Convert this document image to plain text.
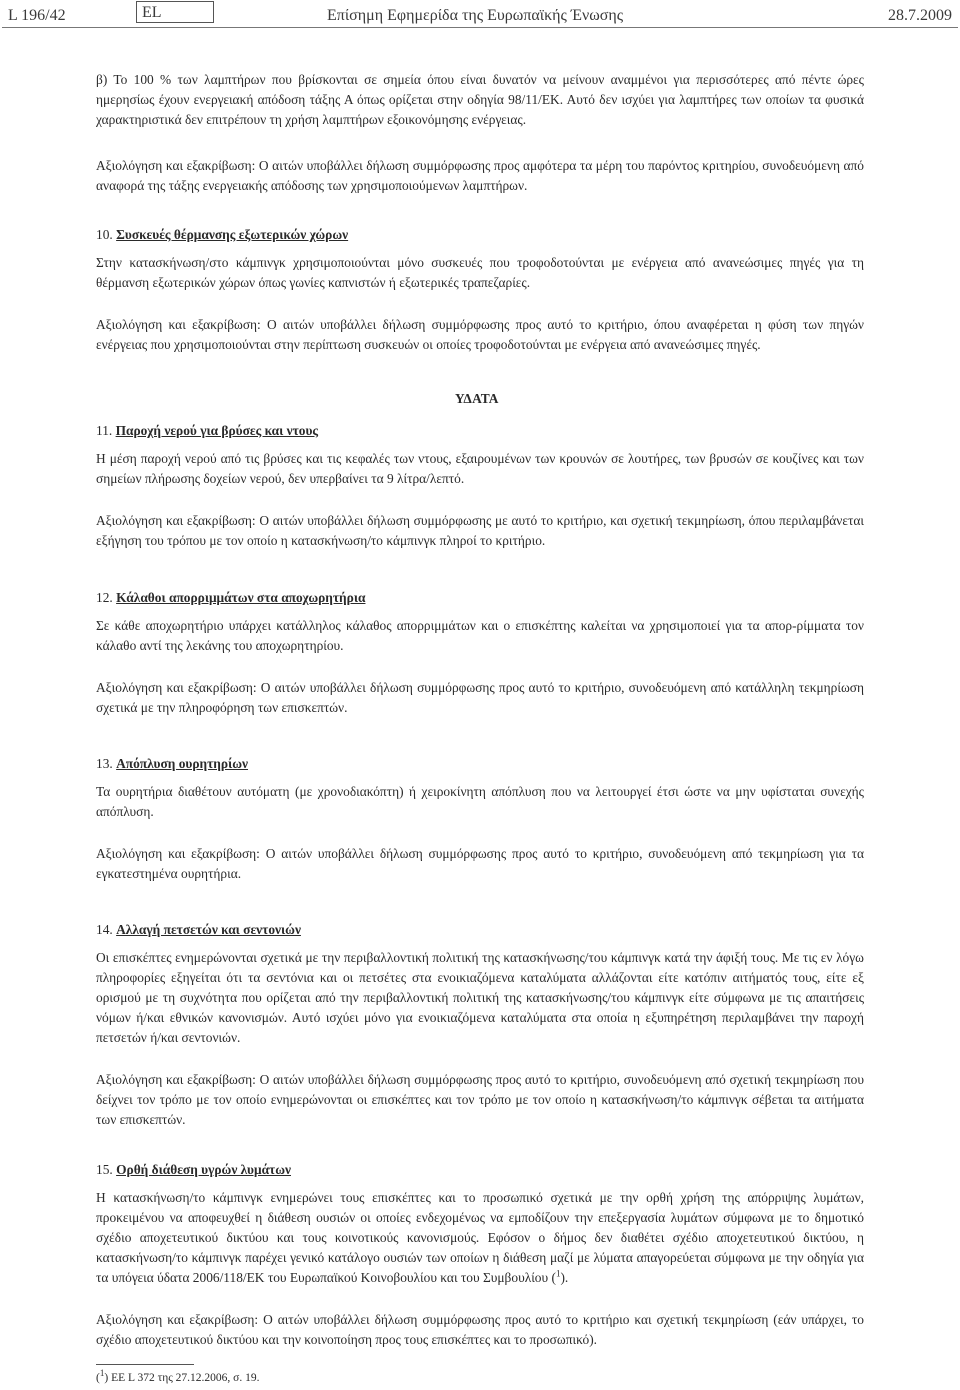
L 196/42	EL	Επίσημη Εφημερίδα της Ευρωπαϊκής Ένωσης	28.7.2009

β) Το 100 % των λαμπτήρων που βρίσκονται σε σημεία όπου είναι δυνατόν να μείνουν αναμμένοι για περισσότερες από πέντε ώρες ημερησίως έχουν ενεργειακή απόδοση τάξης Α όπως ορίζεται στην οδηγία 98/11/ΕΚ. Αυτό δεν ισχύει για λαμπτήρες των οποίων τα φυσικά χαρακτηριστικά δεν επιτρέπουν τη χρήση λαμπτήρων εξοικονόμησης ενέργειας.

Αξιολόγηση και εξακρίβωση: Ο αιτών υποβάλλει δήλωση συμμόρφωσης προς αμφότερα τα μέρη του παρόντος κριτηρίου, συνοδευόμενη από αναφορά της τάξης ενεργειακής απόδοσης των χρησιμοποιούμενων λαμπτήρων.

10. Συσκευές θέρμανσης εξωτερικών χώρων

Στην κατασκήνωση/στο κάμπινγκ χρησιμοποιούνται μόνο συσκευές που τροφοδοτούνται με ενέργεια από ανανεώσιμες πηγές για τη θέρμανση εξωτερικών χώρων όπως γωνίες καπνιστών ή εξωτερικές τραπεζαρίες.

Αξιολόγηση και εξακρίβωση: Ο αιτών υποβάλλει δήλωση συμμόρφωσης προς αυτό το κριτήριο, όπου αναφέρεται η φύση των πηγών ενέργειας που χρησιμοποιούνται στην περίπτωση συσκευών οι οποίες τροφοδοτούνται με ενέργεια από ανανεώσιμες πηγές.

ΥΔΑΤΑ
11. Παροχή νερού για βρύσες και ντους

Η μέση παροχή νερού από τις βρύσες και τις κεφαλές των ντους, εξαιρουμένων των κρουνών σε λουτήρες, των βρυσών σε κουζίνες και των σημείων πλήρωσης δοχείων νερού, δεν υπερβαίνει τα 9 λίτρα/λεπτό.

Αξιολόγηση και εξακρίβωση: Ο αιτών υποβάλλει δήλωση συμμόρφωσης με αυτό το κριτήριο, και σχετική τεκμηρίωση, όπου περιλαμβάνεται εξήγηση του τρόπου με τον οποίο η κατασκήνωση/το κάμπινγκ πληροί το κριτήριο.

12. Κάλαθοι απορριμμάτων στα αποχωρητήρια

Σε κάθε αποχωρητήριο υπάρχει κατάλληλος κάλαθος απορριμμάτων και ο επισκέπτης καλείται να χρησιμοποιεί για τα απορ-ρίμματα τον κάλαθο αντί της λεκάνης του αποχωρητηρίου.

Αξιολόγηση και εξακρίβωση: Ο αιτών υποβάλλει δήλωση συμμόρφωσης προς αυτό το κριτήριο, συνοδευόμενη από κατάλληλη τεκμηρίωση σχετικά με την πληροφόρηση των επισκεπτών.

13. Απόπλυση ουρητηρίων

Τα ουρητήρια διαθέτουν αυτόματη (με χρονοδιακόπτη) ή χειροκίνητη απόπλυση που να λειτουργεί έτσι ώστε να μην υφίσταται συνεχής απόπλυση.

Αξιολόγηση και εξακρίβωση: Ο αιτών υποβάλλει δήλωση συμμόρφωσης προς αυτό το κριτήριο, συνοδευόμενη από τεκμηρίωση για τα εγκατεστημένα ουρητήρια.

14. Αλλαγή πετσετών και σεντονιών

Οι επισκέπτες ενημερώνονται σχετικά με την περιβαλλοντική πολιτική της κατασκήνωσης/του κάμπινγκ κατά την άφιξή τους. Με τις εν λόγω πληροφορίες εξηγείται ότι τα σεντόνια και οι πετσέτες στα ενοικιαζόμενα καταλύματα αλλάζονται είτε κατόπιν αιτήματός τους, είτε εξ ορισμού με τη συχνότητα που ορίζεται από την περιβαλλοντική πολιτική της κατασκήνωσης/του κάμπινγκ είτε σύμφωνα με τις απαιτήσεις νόμων ή/και εθνικών κανονισμών. Αυτό ισχύει μόνο για ενοικιαζόμενα καταλύματα στα οποία η εξυπηρέτηση περιλαμβάνει την παροχή πετσετών ή/και σεντονιών.

Αξιολόγηση και εξακρίβωση: Ο αιτών υποβάλλει δήλωση συμμόρφωσης προς αυτό το κριτήριο, συνοδευόμενη από σχετική τεκμηρίωση που δείχνει τον τρόπο με τον οποίο ενημερώνονται οι επισκέπτες και τον τρόπο με τον οποίο η κατασκήνωση/το κάμπινγκ σέβεται τα αιτήματα των επισκεπτών.

15. Ορθή διάθεση υγρών λυμάτων

Η κατασκήνωση/το κάμπινγκ ενημερώνει τους επισκέπτες και το προσωπικό σχετικά με την ορθή χρήση της απόρριψης λυμάτων, προκειμένου να αποφευχθεί η διάθεση ουσιών οι οποίες ενδεχομένως να εμποδίζουν την επεξεργασία λυμάτων σύμφωνα με το δημοτικό σχέδιο αποχετευτικού δικτύου και τους κοινοτικούς κανονισμούς. Εφόσον ο δήμος δεν διαθέτει σχέδιο αποχετευτικού δικτύου, η κατασκήνωση/το κάμπινγκ παρέχει γενικό κατάλογο ουσιών των οποίων η διάθεση μαζί με λύματα απαγορεύεται σύμφωνα με την οδηγία για τα υπόγεια ύδατα 2006/118/ΕΚ του Ευρωπαϊκού Κοινοβουλίου και του Συμβουλίου ($^1$).

Αξιολόγηση και εξακρίβωση: Ο αιτών υποβάλλει δήλωση συμμόρφωσης προς αυτό το κριτήριο και σχετική τεκμηρίωση (εάν υπάρχει, το σχέδιο αποχετευτικού δικτύου και την κοινοποίηση προς τους επισκέπτες και το προσωπικό).

($^1$) ΕΕ L 372 της 27.12.2006, σ. 19.
